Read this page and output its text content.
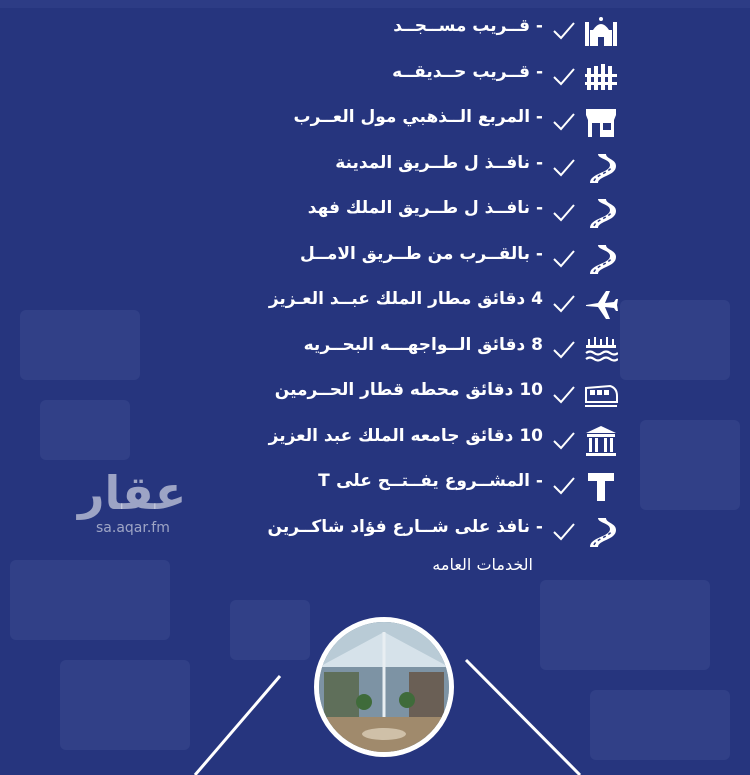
- قــريب مســجــد
- قــريب حــديقــه
- المربع الــذهبي مول العــرب
- نافــذ ل طــريق المدينة
- نافــذ ل طــريق الملك فهد
- بالقــرب من طــريق الامــل
4 دقائق مطار الملك عبــد العـزيز
8 دقائق الــواجهـــه البحــريه
10 دقائق محطه قطار الحــرمين
10 دقائق جامعه الملك عبد العزيز
- المشــروع يفــتــح على T
- نافذ على شــارع فؤاد شاكــرين
الخدمات العامه
عقار
sa.aqar.fm
